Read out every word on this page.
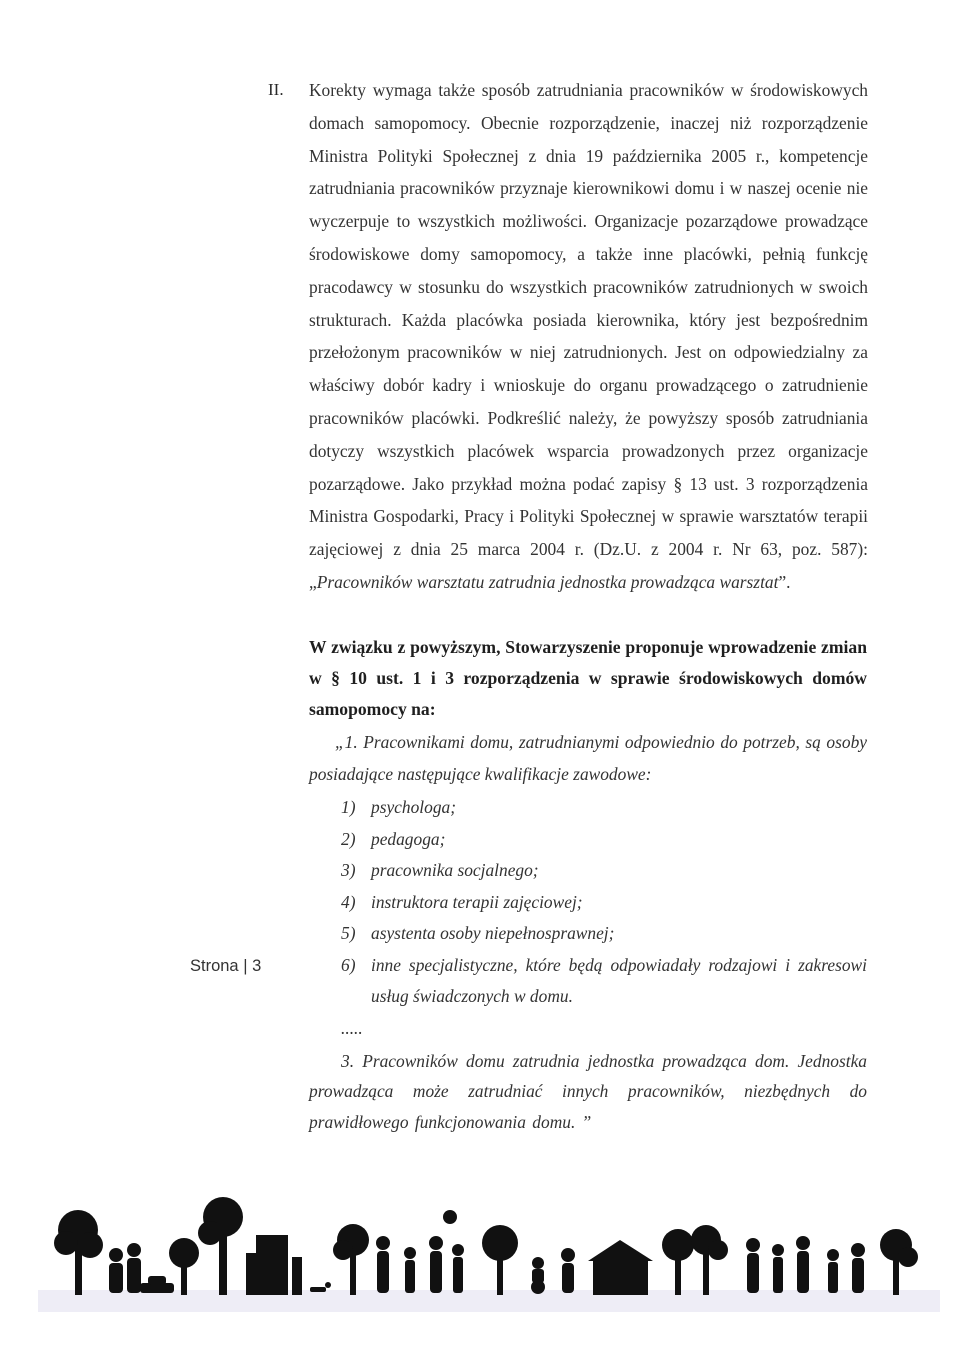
II. Korekty wymaga także sposób zatrudniania pracowników w środowiskowych domach samopomocy. Obecnie rozporządzenie, inaczej niż rozporządzenie Ministra Polityki Społecznej z dnia 19 października 2005 r., kompetencje zatrudniania pracowników przyznaje kierownikowi domu i w naszej ocenie nie wyczerpuje to wszystkich możliwości. Organizacje pozarządowe prowadzące środowiskowe domy samopomocy, a także inne placówki, pełnią funkcję pracodawcy w stosunku do wszystkich pracowników zatrudnionych w swoich strukturach. Każda placówka posiada kierownika, który jest bezpośrednim przełożonym pracowników w niej zatrudnionych. Jest on odpowiedzialny za właściwy dobór kadry i wnioskuje do organu prowadzącego o zatrudnienie pracowników placówki. Podkreślić należy, że powyższy sposób zatrudniania dotyczy wszystkich placówek wsparcia prowadzonych przez organizacje pozarządowe. Jako przykład można podać zapisy § 13 ust. 3 rozporządzenia Ministra Gospodarki, Pracy i Polityki Społecznej w sprawie warsztatów terapii zajęciowej z dnia 25 marca 2004 r. (Dz.U. z 2004 r. Nr 63, poz. 587): „Pracowników warsztatu zatrudnia jednostka prowadząca warsztat”.
W związku z powyższym, Stowarzyszenie proponuje wprowadzenie zmian w § 10 ust. 1 i 3 rozporządzenia w sprawie środowiskowych domów samopomocy na:
„1. Pracownikami domu, zatrudnianymi odpowiednio do potrzeb, są osoby posiadające następujące kwalifikacje zawodowe:
1) psychologa;
2) pedagoga;
3) pracownika socjalnego;
4) instruktora terapii zajęciowej;
5) asystenta osoby niepełnosprawnej;
6) inne specjalistyczne, które będą odpowiadały rodzajowi i zakresowi usług świadczonych w domu.
.....
3. Pracowników domu zatrudnia jednostka prowadząca dom. Jednostka prowadząca może zatrudniać innych pracowników, niezbędnych do prawidłowego funkcjonowania domu. ”
Strona | 3
